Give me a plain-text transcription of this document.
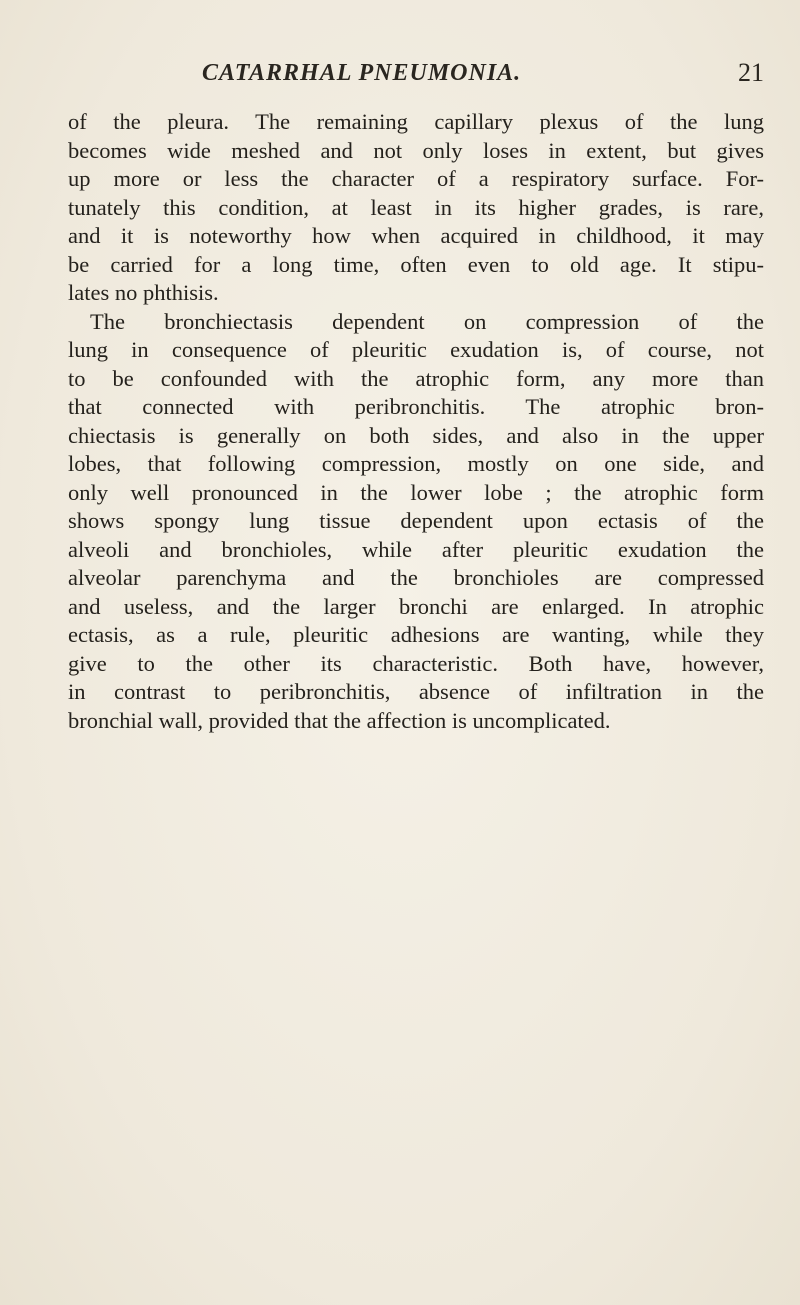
CATARRHAL PNEUMONIA.	21
of the pleura. The remaining capillary plexus of the lung
becomes wide meshed and not only loses in extent, but gives
up more or less the character of a respiratory surface. For-
tunately this condition, at least in its higher grades, is rare,
and it is noteworthy how when acquired in childhood, it may
be carried for a long time, often even to old age. It stipu-
lates no phthisis.
The bronchiectasis dependent on compression of the
lung in consequence of pleuritic exudation is, of course, not
to be confounded with the atrophic form, any more than
that connected with peribronchitis. The atrophic bron-
chiectasis is generally on both sides, and also in the upper
lobes, that following compression, mostly on one side, and
only well pronounced in the lower lobe ; the atrophic form
shows spongy lung tissue dependent upon ectasis of the
alveoli and bronchioles, while after pleuritic exudation the
alveolar parenchyma and the bronchioles are compressed
and useless, and the larger bronchi are enlarged. In atrophic
ectasis, as a rule, pleuritic adhesions are wanting, while they
give to the other its characteristic. Both have, however,
in contrast to peribronchitis, absence of infiltration in the
bronchial wall, provided that the affection is uncomplicated.
